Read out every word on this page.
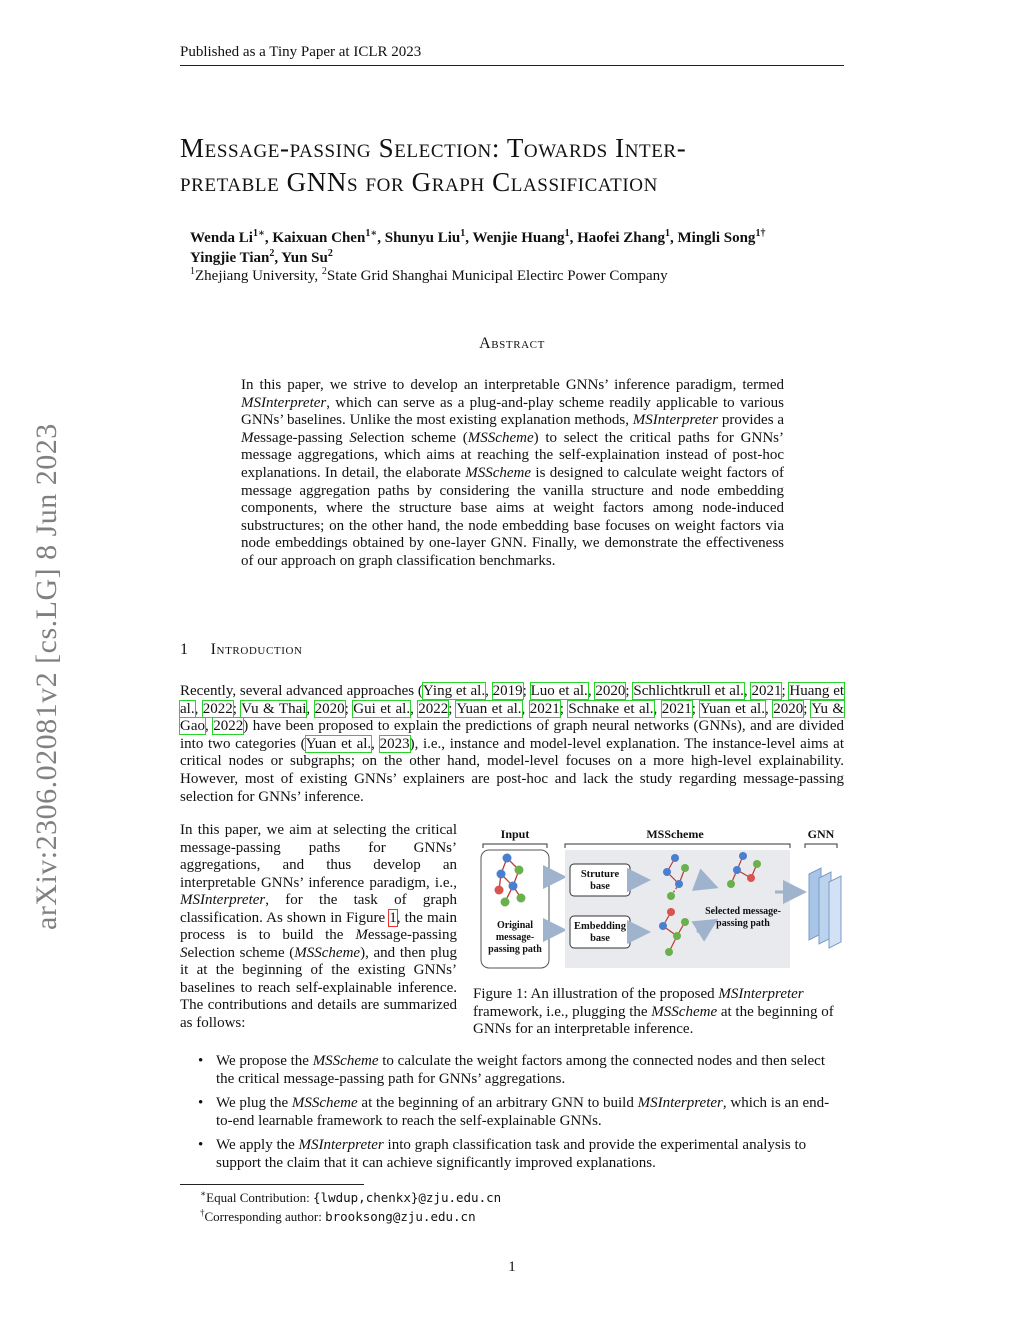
Published as a Tiny Paper at ICLR 2023
arXiv:2306.02081v2 [cs.LG] 8 Jun 2023
Message-passing Selection: Towards Inter-
pretable GNNs for Graph Classification
Wenda $Li^{1∗}$, Kaixuan Chen$^{1∗}$, Shunyu Liu$^1$, Wenjie Huang$^1$, Haofei Zhang$^1$, Mingli Song$^{1\dagger}$
Yingjie Tian$^2$, Yun Su$^2$
$^1$Zhejiang University, $^2$State Grid Shanghai Municipal Electirc Power Company
Abstract
In this paper, we strive to develop an interpretable GNNs’ inference paradigm, termed MSInterpreter, which can serve as a plug-and-play scheme readily applicable to various GNNs’ baselines. Unlike the most existing explanation methods, MSInterpreter provides a Message-passing Selection scheme (MSScheme) to select the critical paths for GNNs’ message aggregations, which aims at reaching the self-explaination instead of post-hoc explanations. In detail, the elaborate MSScheme is designed to calculate weight factors of message aggregation paths by considering the vanilla structure and node embedding components, where the structure base aims at weight factors among node-induced substructures; on the other hand, the node embedding base focuses on weight factors via node embeddings obtained by one-layer GNN. Finally, we demonstrate the effectiveness of our approach on graph classification benchmarks.
1 Introduction
Recently, several advanced approaches (Ying et al., 2019; Luo et al., 2020; Schlichtkrull et al., 2021; Huang et al., 2022; Vu & Thai, 2020; Gui et al., 2022; Yuan et al., 2021; Schnake et al., 2021; Yuan et al., 2020; Yu & Gao, 2022) have been proposed to explain the predictions of graph neural networks (GNNs), and are divided into two categories (Yuan et al., 2023), i.e., instance and model-level explanation. The instance-level aims at critical nodes or subgraphs; on the other hand, model-level focuses on a more high-level explainability. However, most of existing GNNs’ explainers are post-hoc and lack the study regarding message-passing selection for GNNs’ inference.
In this paper, we aim at selecting the critical message-passing paths for GNNs’ aggregations, and thus develop an interpretable GNNs’ inference paradigm, i.e., MSInterpreter, for the task of graph classification. As shown in Figure 1, the main process is to build the Message-passing Selection scheme (MSScheme), and then plug it at the beginning of the existing GNNs’ baselines to reach self-explainable inference. The contributions and details are summarized as follows:
Input	MSScheme	GNN
Original
message-
passing path
Struture
base
Embedding
base
Selected message-
passing path
Figure 1: An illustration of the proposed MSInterpreter framework, i.e., plugging the MSScheme at the beginning of GNNs for an interpretable inference.
• We propose the MSScheme to calculate the weight factors among the connected nodes and then select the critical message-passing path for GNNs’ aggregations.
• We plug the MSScheme at the beginning of an arbitrary GNN to build MSInterpreter, which is an end-to-end learnable framework to reach the self-explainable GNNs.
• We apply the MSInterpreter into graph classification task and provide the experimental analysis to support the claim that it can achieve significantly improved explanations.
∗Equal Contribution: {lwdup,chenkx}@zju.edu.cn
†Corresponding author: brooksong@zju.edu.cn
1
